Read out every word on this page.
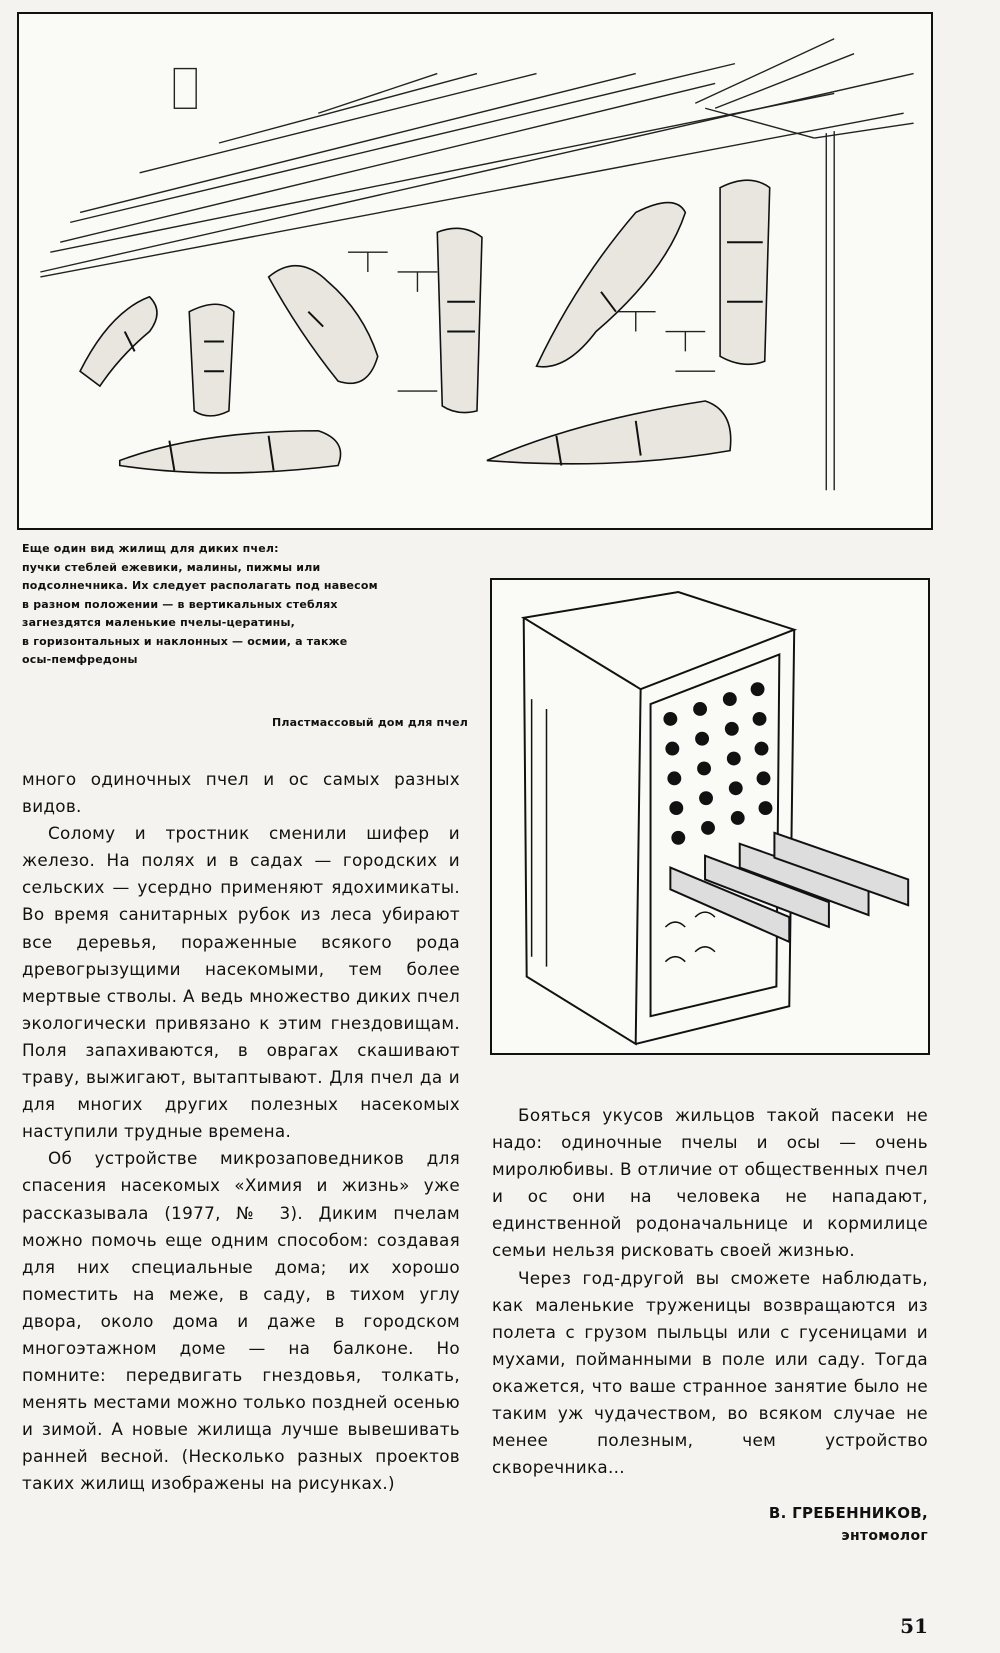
Еще один вид жилищ для диких пчел:
пучки стеблей ежевики, малины, пижмы или
подсолнечника. Их следует располагать под навесом
в разном положении — в вертикальных стеблях
загнездятся маленькие пчелы-цератины,
в горизонтальных и наклонных — осмии, а также
осы-пемфредоны
Пластмассовый дом для пчел

много одиночных пчел и ос самых разных видов.

Солому и тростник сменили шифер и железо. На полях и в садах — городских и сельских — усердно применяют ядохимикаты. Во время санитарных рубок из леса убирают все деревья, пораженные всякого рода древогрызущими насекомыми, тем более мертвые стволы. А ведь множество диких пчел экологически привязано к этим гнездовищам. Поля запахиваются, в оврагах скашивают траву, выжигают, вытаптывают. Для пчел да и для многих других полезных насекомых наступили трудные времена.

Об устройстве микрозаповедников для спасения насекомых «Химия и жизнь» уже рассказывала (1977, № 3). Диким пчелам можно помочь еще одним способом: создавая для них специальные дома; их хорошо поместить на меже, в саду, в тихом углу двора, около дома и даже в городском многоэтажном доме — на балконе. Но помните: передвигать гнездовья, толкать, менять местами можно только поздней осенью и зимой. А новые жилища лучше вывешивать ранней весной. (Несколько разных проектов таких жилищ изображены на рисунках.)

Бояться укусов жильцов такой пасеки не надо: одиночные пчелы и осы — очень миролюбивы. В отличие от общественных пчел и ос они на человека не нападают, единственной родоначальнице и кормилице семьи нельзя рисковать своей жизнью.

Через год-другой вы сможете наблюдать, как маленькие труженицы возвращаются из полета с грузом пыльцы или с гусеницами и мухами, пойманными в поле или саду. Тогда окажется, что ваше странное занятие было не таким уж чудачеством, во всяком случае не менее полезным, чем устройство скворечника...

В. ГРЕБЕННИКОВ,
энтомолог
51
